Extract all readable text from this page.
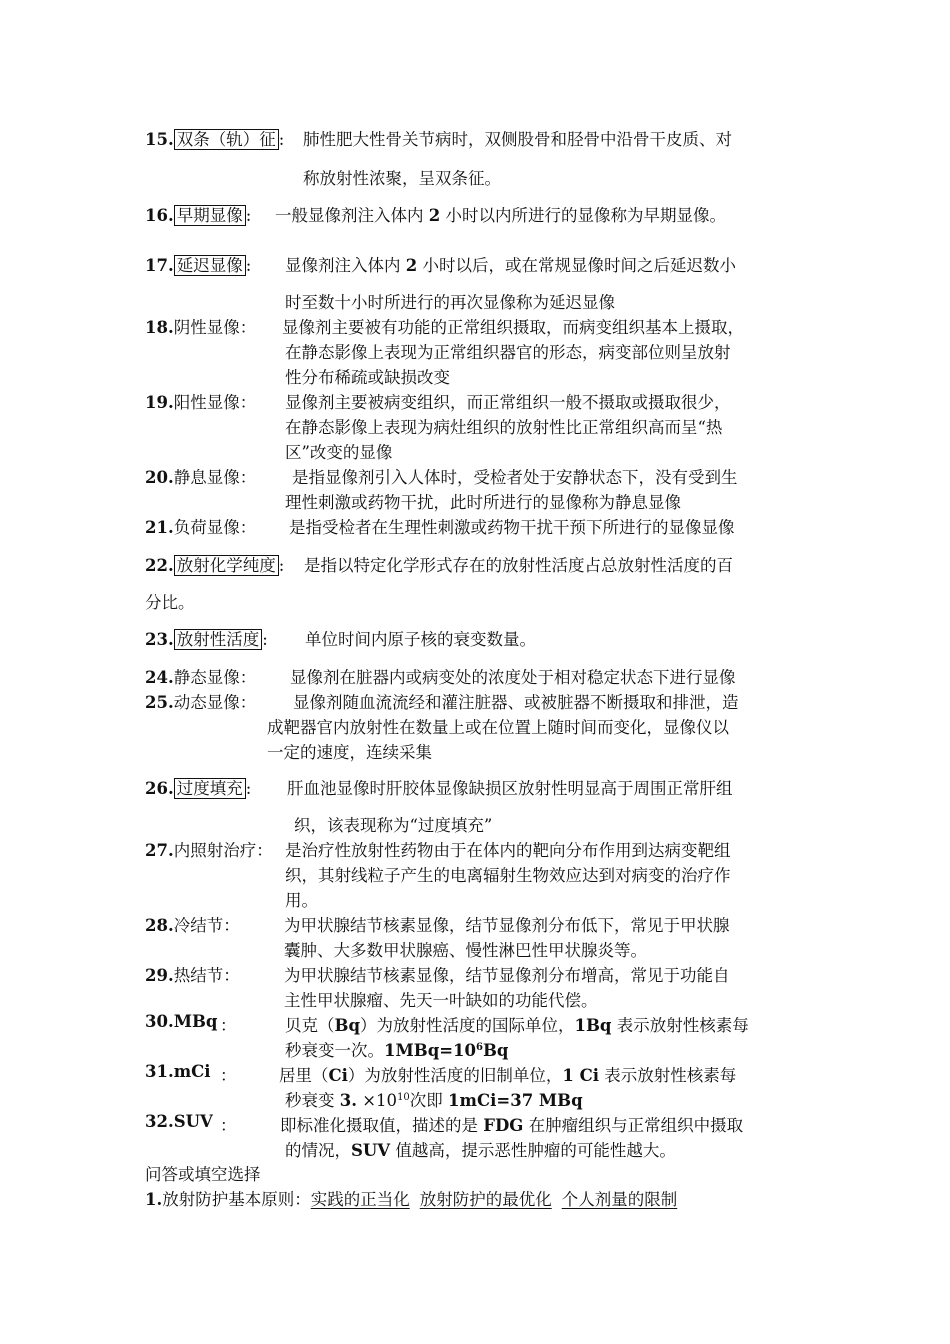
15. 双条（轨）征 : 肺性肥大性骨关节病时，双侧股骨和胫骨中沿骨干皮质、对
称放射性浓聚，呈双条征。
16. 早期显像 : 一般显像剂注入体内 2 小时以内所进行的显像称为早期显像。
17. 延迟显像 : 显像剂注入体内 2 小时以后，或在常规显像时间之后延迟数小
时至数十小时所进行的再次显像称为延迟显像
18.阴性显像： 显像剂主要被有功能的正常组织摄取，而病变组织基本上摄取，
在静态影像上表现为正常组织器官的形态，病变部位则呈放射
性分布稀疏或缺损改变
19.阳性显像： 显像剂主要被病变组织，而正常组织一般不摄取或摄取很少，
在静态影像上表现为病灶组织的放射性比正常组织高而呈“热
区”改变的显像
20.静息显像： 是指显像剂引入人体时，受检者处于安静状态下，没有受到生
理性刺激或药物干扰，此时所进行的显像称为静息显像
21.负荷显像： 是指受检者在生理性刺激或药物干扰干预下所进行的显像显像
22. 放射化学纯度 : 是指以特定化学形式存在的放射性活度占总放射性活度的百
分比。
23. 放射性活度 : 单位时间内原子核的衰变数量。
24.静态显像： 显像剂在脏器内或病变处的浓度处于相对稳定状态下进行显像
25.动态显像： 显像剂随血流流经和灌注脏器、或被脏器不断摄取和排泄，造
成靶器官内放射性在数量上或在位置上随时间而变化，显像仪以
一定的速度，连续采集
26. 过度填充 : 肝血池显像时肝胶体显像缺损区放射性明显高于周围正常肝组
织，该表现称为“过度填充”
27.内照射治疗： 是治疗性放射性药物由于在体内的靶向分布作用到达病变靶组
织，其射线粒子产生的电离辐射生物效应达到对病变的治疗作
用。
28.冷结节：	为甲状腺结节核素显像，结节显像剂分布低下，常见于甲状腺
囊肿、大多数甲状腺癌、慢性淋巴性甲状腺炎等。
29.热结节：	为甲状腺结节核素显像，结节显像剂分布增高，常见于功能自
主性甲状腺瘤、先天一叶缺如的功能代偿。
30.MBq ：	贝克（Bq）为放射性活度的国际单位，1Bq 表示放射性核素每
秒衰变一次。$1MBq=10^6Bq$
31.mCi ：	居里（Ci）为放射性活度的旧制单位，1 Ci 表示放射性核素每
秒衰变 3. $\times 10^{10}$次即 1mCi=37 MBq
32.SUV ：	即标准化摄取值，描述的是 FDG 在肿瘤组织与正常组织中摄取
的情况，SUV 值越高，提示恶性肿瘤的可能性越大。
问答或填空选择
1.放射防护基本原则：实践的正当化 放射防护的最优化 个人剂量的限制
